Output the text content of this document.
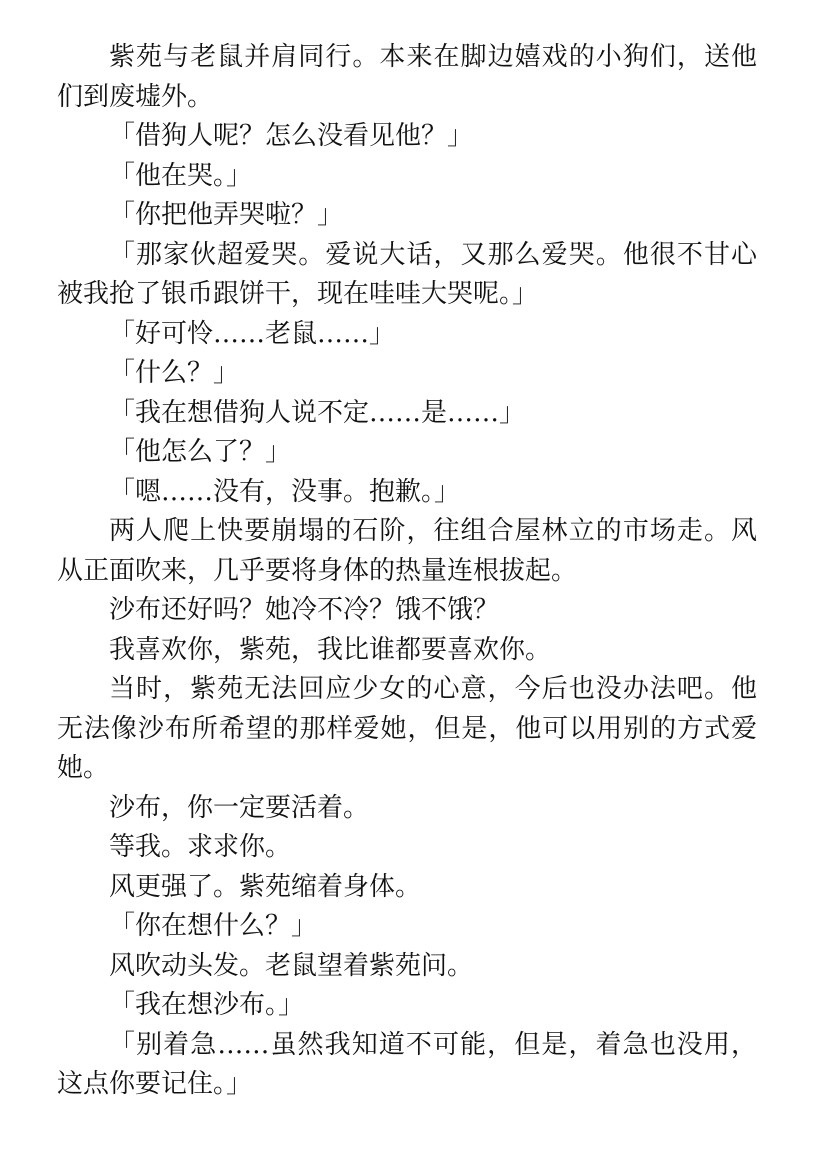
紫苑与老鼠并肩同行。本来在脚边嬉戏的小狗们，送他们到废墟外。

「借狗人呢？怎么没看见他？」

「他在哭。」

「你把他弄哭啦？」

「那家伙超爱哭。爱说大话，又那么爱哭。他很不甘心被我抢了银币跟饼干，现在哇哇大哭呢。」

「好可怜……老鼠……」

「什么？」

「我在想借狗人说不定……是……」

「他怎么了？」

「嗯……没有，没事。抱歉。」

两人爬上快要崩塌的石阶，往组合屋林立的市场走。风从正面吹来，几乎要将身体的热量连根拔起。

沙布还好吗？她冷不冷？饿不饿？

我喜欢你，紫苑，我比谁都要喜欢你。

当时，紫苑无法回应少女的心意，今后也没办法吧。他无法像沙布所希望的那样爱她，但是，他可以用别的方式爱她。

沙布，你一定要活着。

等我。求求你。

风更强了。紫苑缩着身体。

「你在想什么？」

风吹动头发。老鼠望着紫苑问。

「我在想沙布。」

「别着急……虽然我知道不可能，但是，着急也没用，这点你要记住。」
